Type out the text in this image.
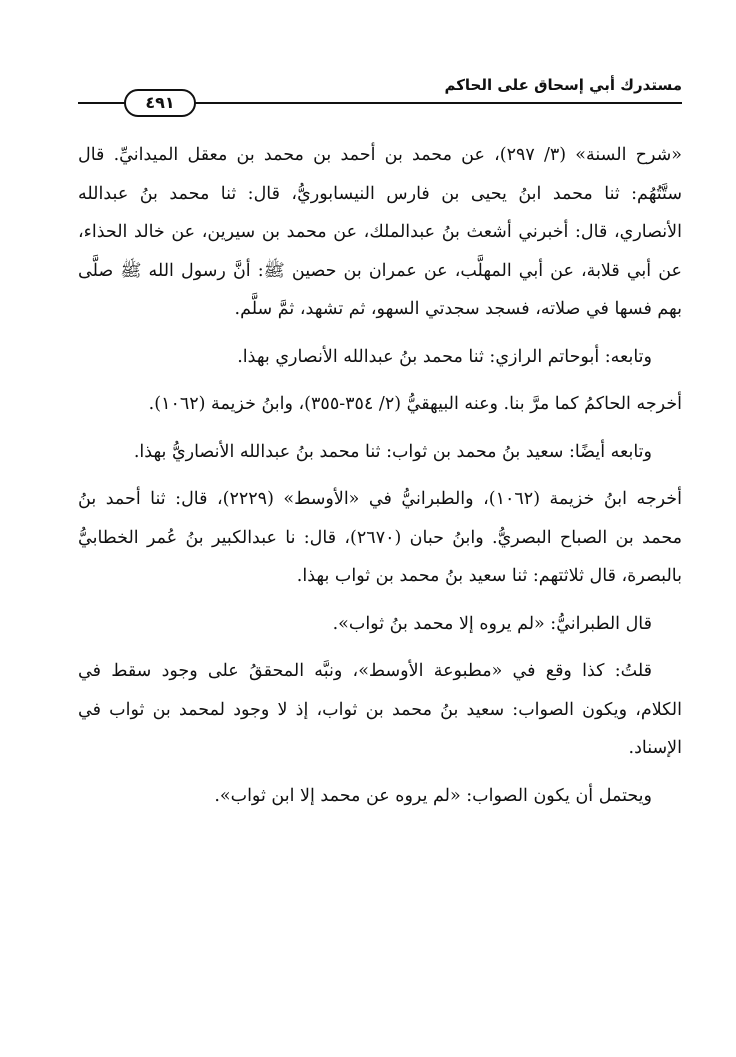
مستدرك أبي إسحاق على الحاكم
٤٩١

«شرح السنة» (٣/ ٢٩٧)، عن محمد بن أحمد بن محمد بن معقل الميدانيِّ. قال ستَّتُهُم: ثنا محمد ابنُ يحيى بن فارس النيسابوريُّ، قال: ثنا محمد بنُ عبدالله الأنصاري، قال: أخبرني أشعث بنُ عبدالملك، عن محمد بن سيرين، عن خالد الحذاء، عن أبي قلابة، عن أبي المهلَّب، عن عمران بن حصين ﷺ: أنَّ رسول الله ﷺ صلَّى بهم فسها في صلاته، فسجد سجدتي السهو، ثم تشهد، ثمَّ سلَّم.

وتابعه: أبوحاتم الرازي: ثنا محمد بنُ عبدالله الأنصاري بهذا.

أخرجه الحاكمُ كما مرَّ بنا. وعنه البيهقيُّ (٢/ ٣٥٤-٣٥٥)، وابنُ خزيمة (١٠٦٢).

وتابعه أيضًا: سعيد بنُ محمد بن ثواب: ثنا محمد بنُ عبدالله الأنصاريُّ بهذا.

أخرجه ابنُ خزيمة (١٠٦٢)، والطبرانيُّ في «الأوسط» (٢٢٢٩)، قال: ثنا أحمد بنُ محمد بن الصباح البصريُّ. وابنُ حبان (٢٦٧٠)، قال: نا عبدالكبير بنُ عُمر الخطابيُّ بالبصرة، قال ثلاثتهم: ثنا سعيد بنُ محمد بن ثواب بهذا.

قال الطبرانيُّ: «لم يروه إلا محمد بنُ ثواب».

قلتُ: كذا وقع في «مطبوعة الأوسط»، ونبَّه المحققُ على وجود سقط في الكلام، ويكون الصواب: سعيد بنُ محمد بن ثواب، إذ لا وجود لمحمد بن ثواب في الإسناد.

ويحتمل أن يكون الصواب: «لم يروه عن محمد إلا ابن ثواب».
